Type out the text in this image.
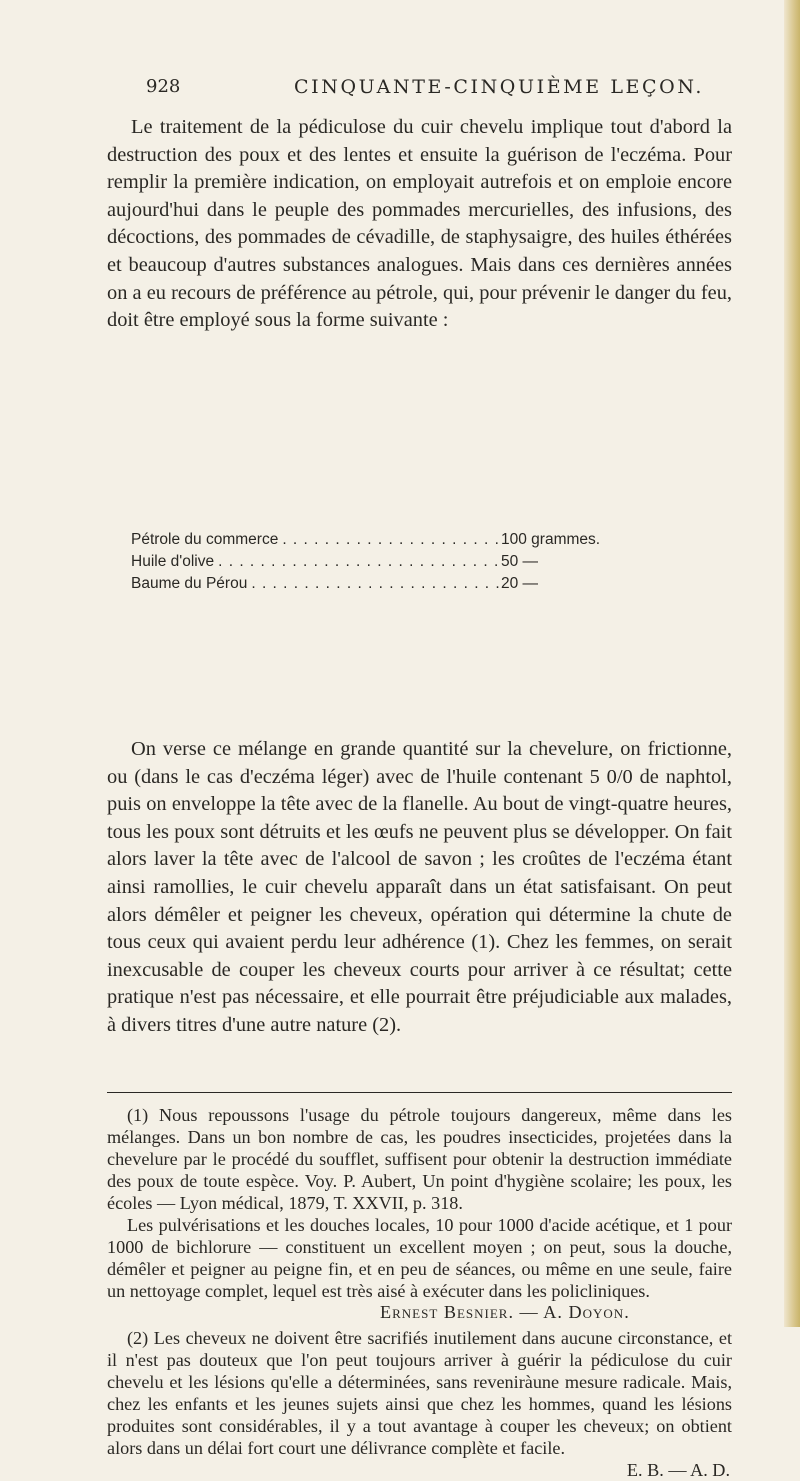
928	CINQUANTE-CINQUIÈME LEÇON.

Le traitement de la pédiculose du cuir chevelu implique tout d'abord la destruction des poux et des lentes et ensuite la guérison de l'eczéma. Pour remplir la première indication, on employait autrefois et on emploie encore aujourd'hui dans le peuple des pommades mercurielles, des infusions, des décoctions, des pommades de cévadille, de staphysaigre, des huiles éthérées et beaucoup d'autres substances analogues. Mais dans ces dernières années on a eu recours de préférence au pétrole, qui, pour prévenir le danger du feu, doit être employé sous la forme suivante :

Pétrole du commerce . . .	100 grammes.
Huile d'olive . . .	50 —
Baume du Pérou . . .	20 —

On verse ce mélange en grande quantité sur la chevelure, on frictionne, ou (dans le cas d'eczéma léger) avec de l'huile contenant 5 0/0 de naphtol, puis on enveloppe la tête avec de la flanelle. Au bout de vingt-quatre heures, tous les poux sont détruits et les œufs ne peuvent plus se développer. On fait alors laver la tête avec de l'alcool de savon ; les croûtes de l'eczéma étant ainsi ramollies, le cuir chevelu apparaît dans un état satisfaisant. On peut alors démêler et peigner les cheveux, opération qui détermine la chute de tous ceux qui avaient perdu leur adhérence (1). Chez les femmes, on serait inexcusable de couper les cheveux courts pour arriver à ce résultat; cette pratique n'est pas nécessaire, et elle pourrait être préjudiciable aux malades, à divers titres d'une autre nature (2).

(1) Nous repoussons l'usage du pétrole toujours dangereux, même dans les mélanges. Dans un bon nombre de cas, les poudres insecticides, projetées dans la chevelure par le procédé du soufflet, suffisent pour obtenir la destruction immédiate des poux de toute espèce. Voy. P. Aubert, Un point d'hygiène scolaire; les poux, les écoles — Lyon médical, 1879, T. XXVII, p. 318.

Les pulvérisations et les douches locales, 10 pour 1000 d'acide acétique, et 1 pour 1000 de bichlorure — constituent un excellent moyen ; on peut, sous la douche, démêler et peigner au peigne fin, et en peu de séances, ou même en une seule, faire un nettoyage complet, lequel est très aisé à exécuter dans les policliniques.

Ernest Besnier. — A. Doyon.

(2) Les cheveux ne doivent être sacrifiés inutilement dans aucune circonstance, et il n'est pas douteux que l'on peut toujours arriver à guérir la pédiculose du cuir chevelu et les lésions qu'elle a déterminées, sans reveniràune mesure radicale. Mais, chez les enfants et les jeunes sujets ainsi que chez les hommes, quand les lésions produites sont considérables, il y a tout avantage à couper les cheveux; on obtient alors dans un délai fort court une délivrance complète et facile.

E. B. — A. D.
